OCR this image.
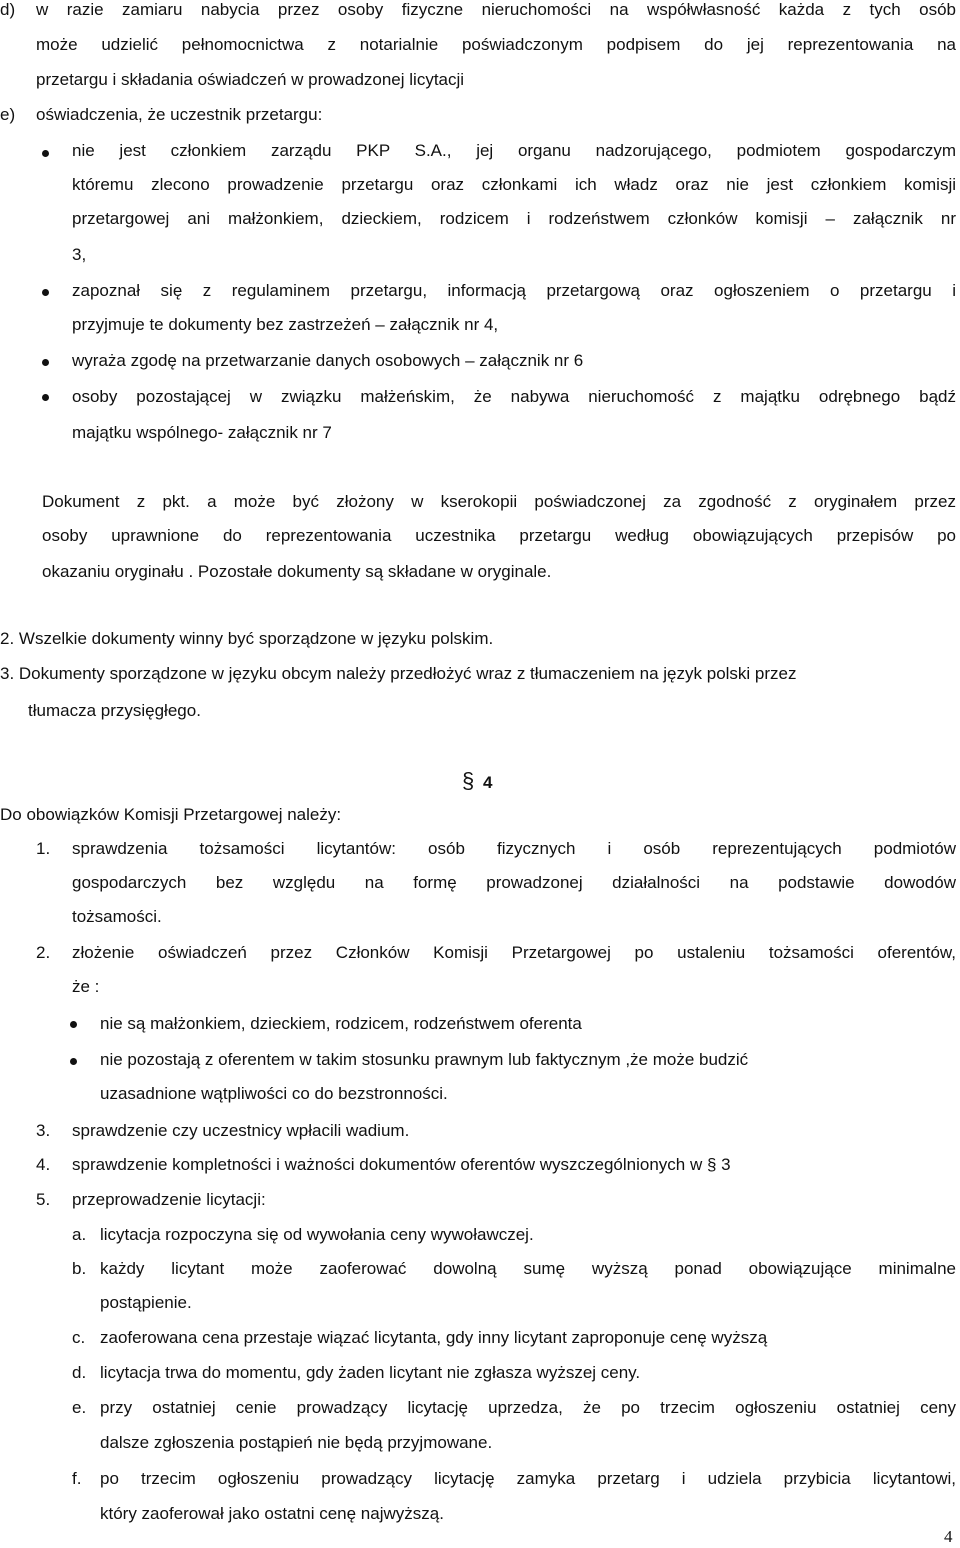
d) w razie zamiaru nabycia przez osoby fizyczne nieruchomości na współwłasność każda z tych osób
może udzielić pełnomocnictwa z notarialnie poświadczonym podpisem do jej reprezentowania na
przetargu i składania oświadczeń w prowadzonej licytacji
e) oświadczenia, że uczestnik przetargu:
nie jest członkiem zarządu PKP S.A., jej organu nadzorującego, podmiotem gospodarczym
któremu zlecono prowadzenie przetargu oraz członkami ich władz oraz nie jest członkiem komisji
przetargowej ani małżonkiem, dzieckiem, rodzicem i rodzeństwem członków komisji – załącznik nr
3,
zapoznał się z regulaminem przetargu, informacją przetargową oraz ogłoszeniem o przetargu i
przyjmuje te dokumenty bez zastrzeżeń – załącznik nr 4,
wyraża zgodę na przetwarzanie danych osobowych – załącznik nr 6
osoby pozostającej w związku małżeńskim, że nabywa nieruchomość z majątku odrębnego bądź
majątku wspólnego- załącznik nr 7
Dokument z pkt. a może być złożony w kserokopii poświadczonej za zgodność z oryginałem przez
osoby uprawnione do reprezentowania uczestnika przetargu według obowiązujących przepisów po
okazaniu oryginału . Pozostałe dokumenty są składane w oryginale.
2. Wszelkie dokumenty winny być sporządzone w języku polskim.
3. Dokumenty sporządzone w języku obcym należy przedłożyć wraz z tłumaczeniem na język polski przez
tłumacza przysięgłego.
§ 4
Do obowiązków Komisji Przetargowej należy:
1. sprawdzenia tożsamości licytantów: osób fizycznych i osób reprezentujących podmiotów
gospodarczych bez względu na formę prowadzonej działalności na podstawie dowodów
tożsamości.
2. złożenie oświadczeń przez Członków Komisji Przetargowej po ustaleniu tożsamości oferentów,
że :
nie są małżonkiem, dzieckiem, rodzicem, rodzeństwem oferenta
nie pozostają z oferentem w takim stosunku prawnym lub faktycznym ,że może budzić
uzasadnione wątpliwości co do bezstronności.
3. sprawdzenie czy uczestnicy wpłacili wadium.
4. sprawdzenie kompletności i ważności dokumentów oferentów wyszczególnionych w § 3
5. przeprowadzenie licytacji:
a. licytacja rozpoczyna się od wywołania ceny wywoławczej.
b. każdy licytant może zaoferować dowolną sumę wyższą ponad obowiązujące minimalne
postąpienie.
c. zaoferowana cena przestaje wiązać licytanta, gdy inny licytant zaproponuje cenę wyższą
d. licytacja trwa do momentu, gdy żaden licytant nie zgłasza wyższej ceny.
e. przy ostatniej cenie prowadzący licytację uprzedza, że po trzecim ogłoszeniu ostatniej ceny
dalsze zgłoszenia postąpień nie będą przyjmowane.
f. po trzecim ogłoszeniu prowadzący licytację zamyka przetarg i udziela przybicia licytantowi,
który zaoferował jako ostatni cenę najwyższą.
4
